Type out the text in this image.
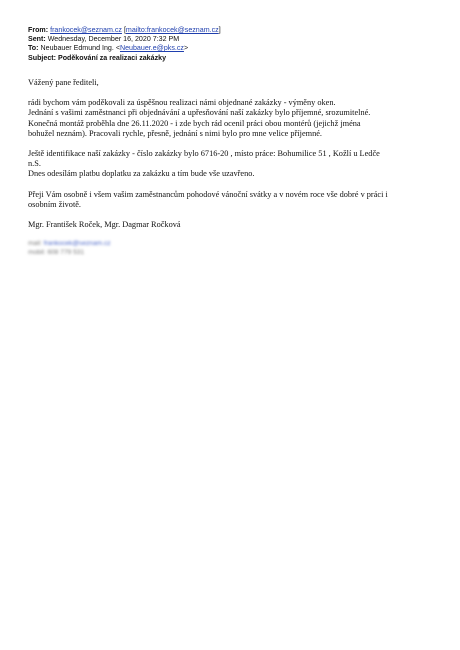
From: frankocek@seznam.cz [mailto:frankocek@seznam.cz]
Sent: Wednesday, December 16, 2020 7:32 PM
To: Neubauer Edmund Ing. <Neubauer.e@pks.cz>
Subject: Poděkování za realizaci zakázky

Vážený pane řediteli,

rádi bychom vám poděkovali za úspěšnou realizaci námi objednané zakázky - výměny oken.
Jednání s vašimi zaměstnanci při objednávání a upřesňování naší zakázky bylo příjemné, srozumitelné.
Konečná montáž proběhla dne 26.11.2020 - i zde bych rád ocenil práci obou montérů (jejichž jména
bohužel neznám). Pracovali rychle, přesně, jednání s nimi bylo pro mne velice příjemné.
Ještě identifikace naší zakázky - číslo zakázky bylo 6716-20 , místo práce: Bohumilice 51 , Kožlí u Ledče
n.S.
Dnes odesílám platbu doplatku za zakázku a tím bude vše uzavřeno.
Přeji Vám osobně i všem vašim zaměstnancům pohodové vánoční svátky a v novém roce vše dobré v práci i
osobním životě.

Mgr. František Roček, Mgr. Dagmar Ročková

mail: frankocek@seznam.cz
mobil: 608 779 531
